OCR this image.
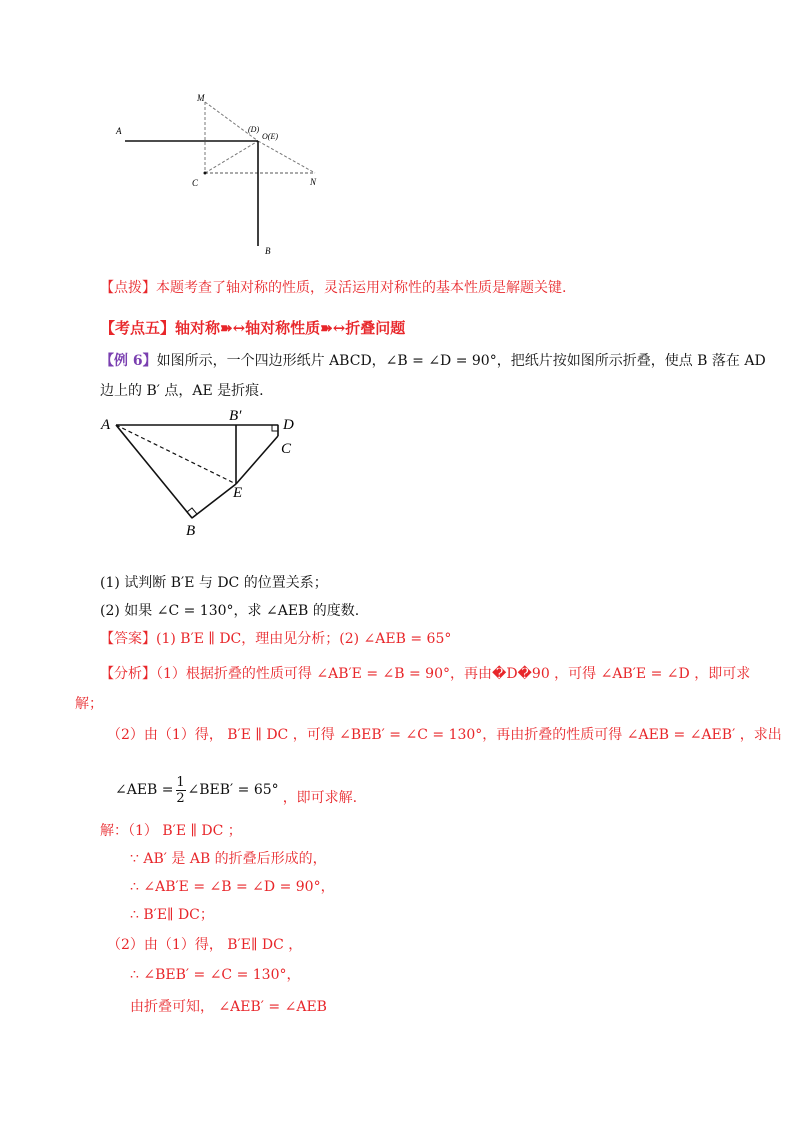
M
A	(D)
O(E)
C	N
B
【点拨】本题考查了轴对称的性质，灵活运用对称性的基本性质是解题关键.
【考点五】轴对称➽↔轴对称性质➽↔折叠问题
【例 6】如图所示，一个四边形纸片 ABCD，∠B = ∠D = 90°，把纸片按如图所示折叠，使点 B 落在 AD
边上的 B′ 点，AE 是折痕.
A
B′
D
C
E
B
(1) 试判断 B′E 与 DC 的位置关系；
(2) 如果 ∠C = 130°，求 ∠AEB 的度数.
【答案】(1) B′E ∥ DC，理由见分析；(2) ∠AEB = 65°
【分析】（1）根据折叠的性质可得 ∠AB′E = ∠B = 90°，再由�D�90 ，可得 ∠AB′E = ∠D ，即可求
解；
（2）由（1）得， B′E ∥ DC ，可得 ∠BEB′ = ∠C = 130°，再由折叠的性质可得 ∠AEB = ∠AEB′ ，求出
∠AEB = 1
2 ∠BEB′ = 65° ，即可求解.
解：（1） B′E ∥ DC ；
∵ AB′ 是 AB 的折叠后形成的，
∴ ∠AB′E = ∠B = ∠D = 90°，
∴ B′E∥ DC；
（2）由（1）得， B′E∥ DC ，
∴ ∠BEB′ = ∠C = 130°，
由折叠可知， ∠AEB′ = ∠AEB
